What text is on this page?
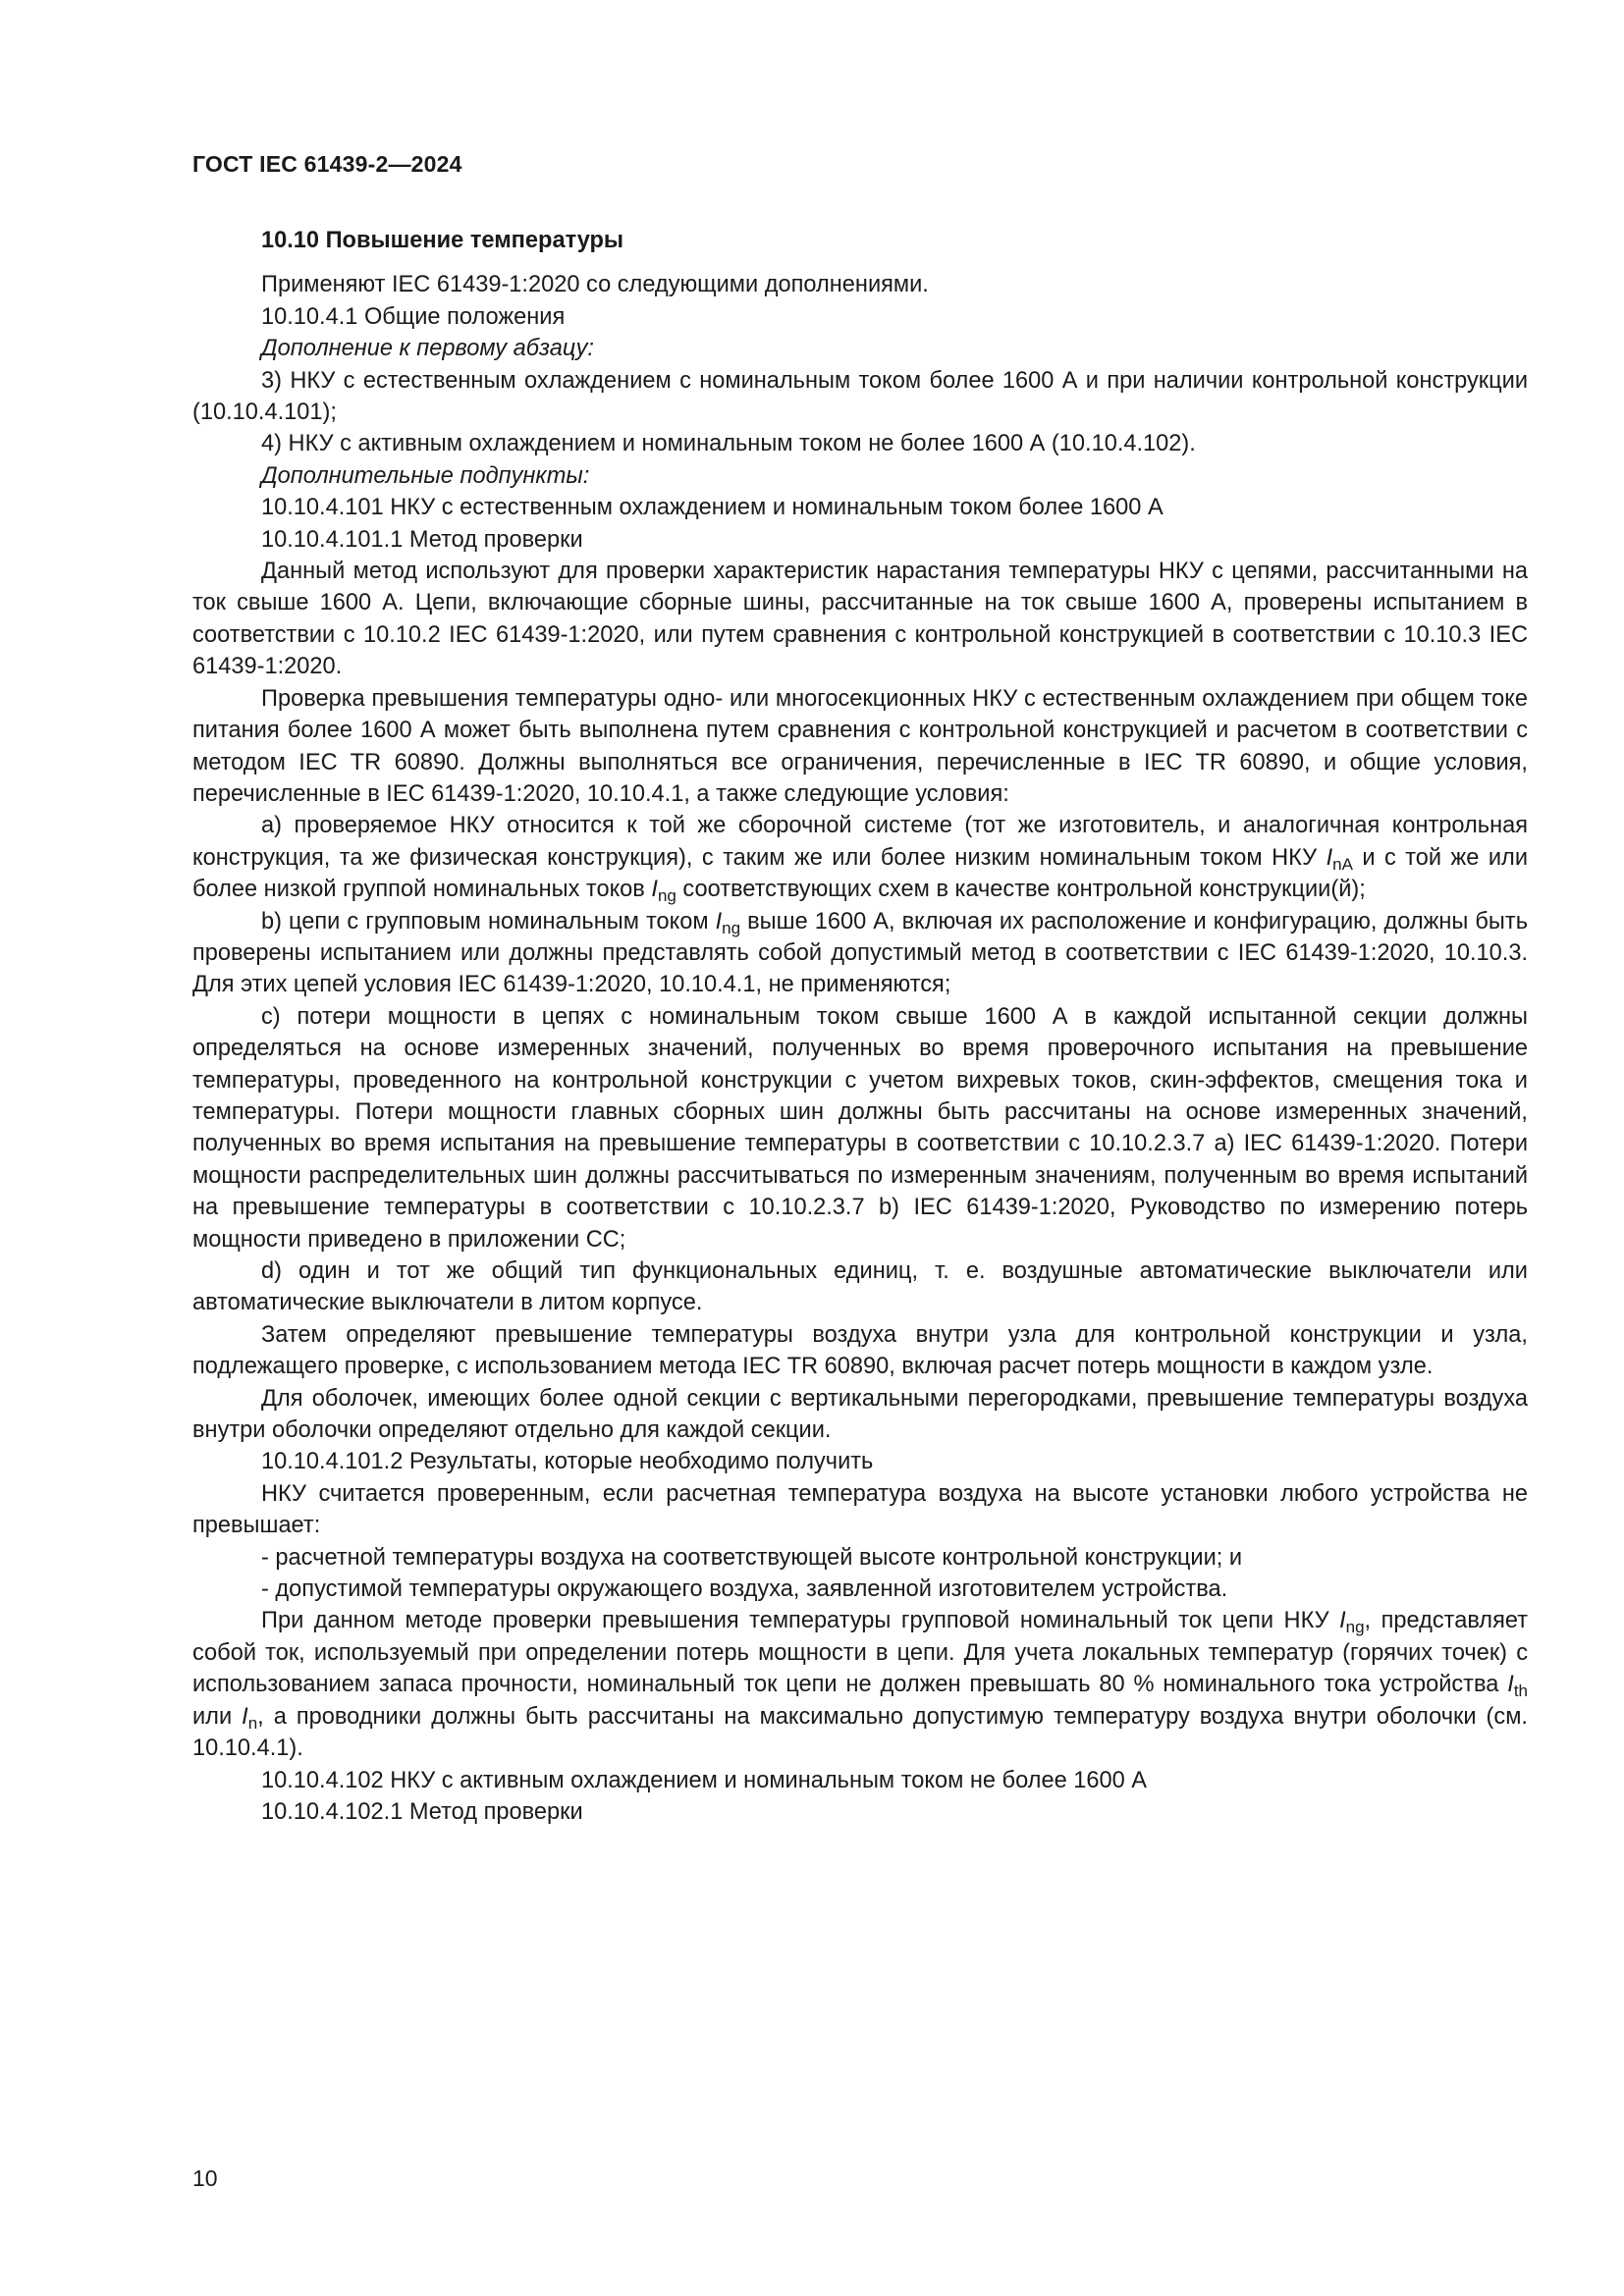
ГОСТ IEC 61439-2—2024

10.10 Повышение температуры

Применяют IEC 61439-1:2020 со следующими дополнениями.

10.10.4.1 Общие положения

Дополнение к первому абзацу:

3) НКУ с естественным охлаждением с номинальным током более 1600 А и при наличии контрольной конструкции (10.10.4.101);

4) НКУ с активным охлаждением и номинальным током не более 1600 А (10.10.4.102).

Дополнительные подпункты:

10.10.4.101 НКУ с естественным охлаждением и номинальным током более 1600 А

10.10.4.101.1 Метод проверки

Данный метод используют для проверки характеристик нарастания температуры НКУ с цепями, рассчитанными на ток свыше 1600 А. Цепи, включающие сборные шины, рассчитанные на ток свыше 1600 А, проверены испытанием в соответствии с 10.10.2 IEC 61439-1:2020, или путем сравнения с контрольной конструкцией в соответствии с 10.10.3 IEC 61439-1:2020.

Проверка превышения температуры одно- или многосекционных НКУ с естественным охлаждением при общем токе питания более 1600 А может быть выполнена путем сравнения с контрольной конструкцией и расчетом в соответствии с методом IEC TR 60890. Должны выполняться все ограничения, перечисленные в IEC TR 60890, и общие условия, перечисленные в IEC 61439-1:2020, 10.10.4.1, а также следующие условия:

a) проверяемое НКУ относится к той же сборочной системе (тот же изготовитель, и аналогичная контрольная конструкция, та же физическая конструкция), с таким же или более низким номинальным током НКУ $I_{nA}$ и с той же или более низкой группой номинальных токов $I_{ng}$ соответствующих схем в качестве контрольной конструкции(й);

b) цепи с групповым номинальным током $I_{ng}$ выше 1600 А, включая их расположение и конфигурацию, должны быть проверены испытанием или должны представлять собой допустимый метод в соответствии с IEC 61439-1:2020, 10.10.3. Для этих цепей условия IEC 61439-1:2020, 10.10.4.1, не применяются;

c) потери мощности в цепях с номинальным током свыше 1600 А в каждой испытанной секции должны определяться на основе измеренных значений, полученных во время проверочного испытания на превышение температуры, проведенного на контрольной конструкции с учетом вихревых токов, скин-эффектов, смещения тока и температуры. Потери мощности главных сборных шин должны быть рассчитаны на основе измеренных значений, полученных во время испытания на превышение температуры в соответствии с 10.10.2.3.7 a) IEC 61439-1:2020. Потери мощности распределительных шин должны рассчитываться по измеренным значениям, полученным во время испытаний на превышение температуры в соответствии с 10.10.2.3.7 b) IEC 61439-1:2020, Руководство по измерению потерь мощности приведено в приложении СС;

d) один и тот же общий тип функциональных единиц, т. е. воздушные автоматические выключатели или автоматические выключатели в литом корпусе.

Затем определяют превышение температуры воздуха внутри узла для контрольной конструкции и узла, подлежащего проверке, с использованием метода IEC TR 60890, включая расчет потерь мощности в каждом узле.

Для оболочек, имеющих более одной секции с вертикальными перегородками, превышение температуры воздуха внутри оболочки определяют отдельно для каждой секции.

10.10.4.101.2 Результаты, которые необходимо получить

НКУ считается проверенным, если расчетная температура воздуха на высоте установки любого устройства не превышает:

- расчетной температуры воздуха на соответствующей высоте контрольной конструкции; и

- допустимой температуры окружающего воздуха, заявленной изготовителем устройства.

При данном методе проверки превышения температуры групповой номинальный ток цепи НКУ $I_{ng}$, представляет собой ток, используемый при определении потерь мощности в цепи. Для учета локальных температур (горячих точек) с использованием запаса прочности, номинальный ток цепи не должен превышать 80 % номинального тока устройства $I_{th}$ или $I_n$, а проводники должны быть рассчитаны на максимально допустимую температуру воздуха внутри оболочки (см. 10.10.4.1).

10.10.4.102 НКУ с активным охлаждением и номинальным током не более 1600 А

10.10.4.102.1 Метод проверки

10
